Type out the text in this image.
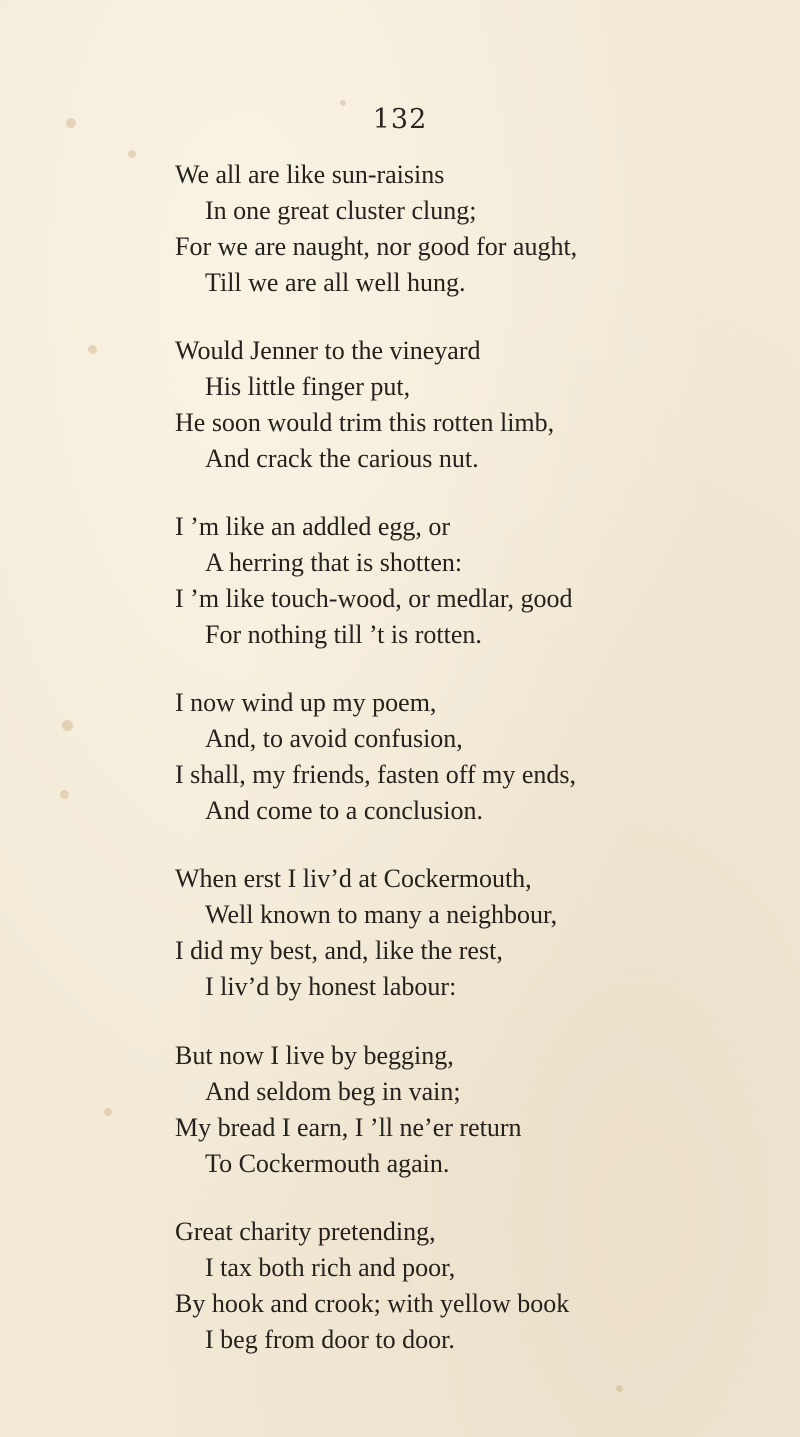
132
We all are like sun-raisins
In one great cluster clung;
For we are naught, nor good for aught,
Till we are all well hung.
Would Jenner to the vineyard
His little finger put,
He soon would trim this rotten limb,
And crack the carious nut.
I ’m like an addled egg, or
A herring that is shotten:
I ’m like touch-wood, or medlar, good
For nothing till ’t is rotten.
I now wind up my poem,
And, to avoid confusion,
I shall, my friends, fasten off my ends,
And come to a conclusion.
When erst I liv’d at Cockermouth,
Well known to many a neighbour,
I did my best, and, like the rest,
I liv’d by honest labour:
But now I live by begging,
And seldom beg in vain;
My bread I earn, I ’ll ne’er return
To Cockermouth again.
Great charity pretending,
I tax both rich and poor,
By hook and crook; with yellow book
I beg from door to door.
